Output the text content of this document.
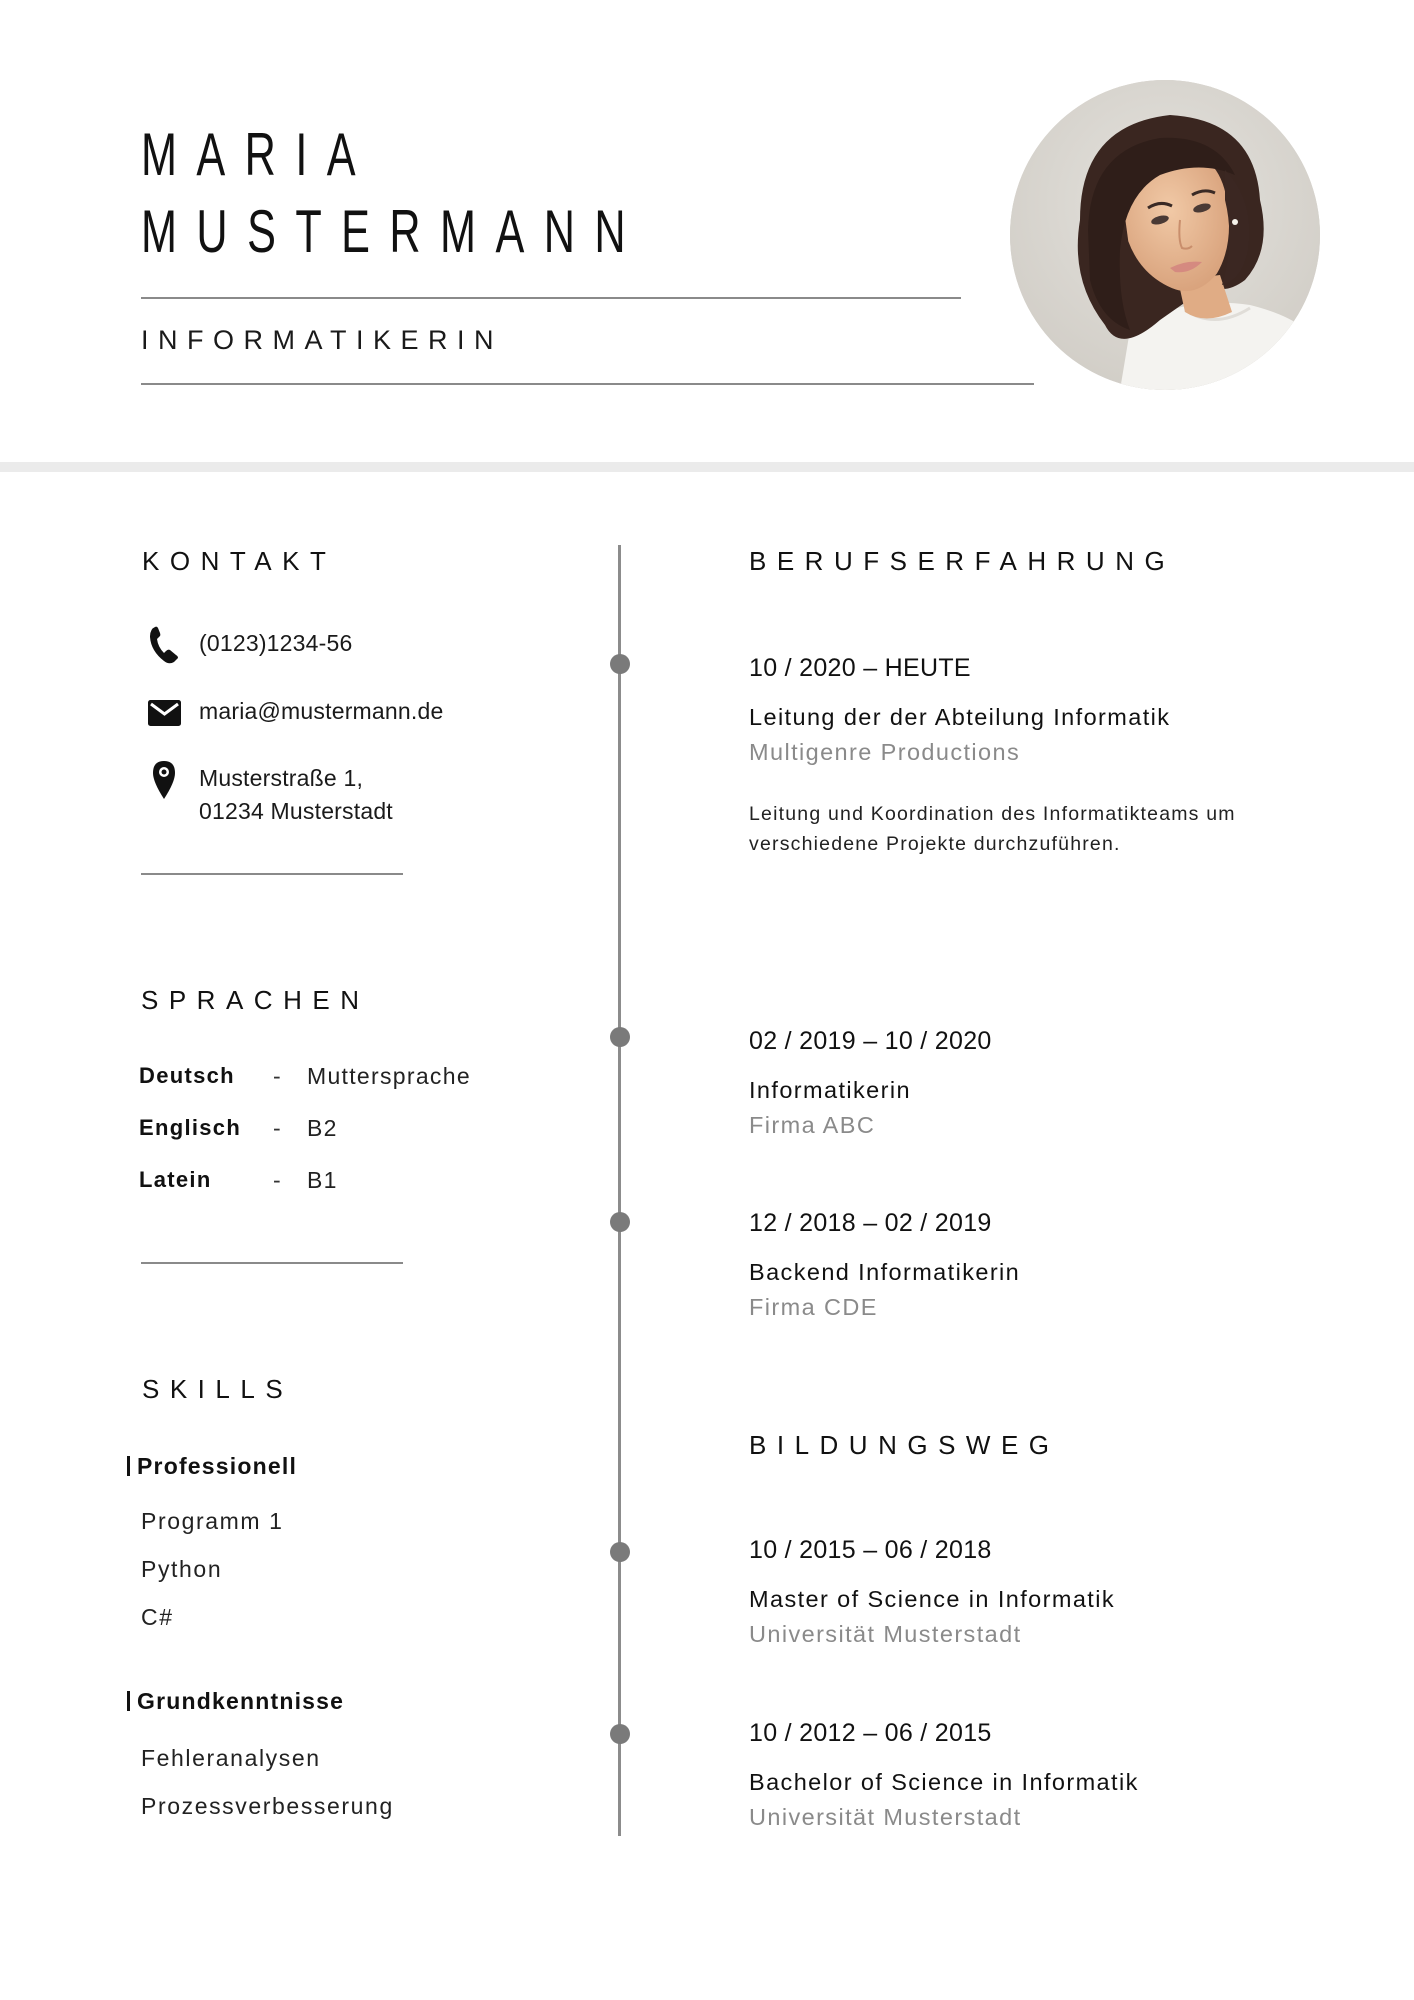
MARIA
MUSTERMANN
INFORMATIKERIN
KONTAKT
(0123)1234-56
maria@mustermann.de
Musterstraße 1,
01234 Musterstadt
SPRACHEN
Deutsch - Muttersprache
Englisch - B2
Latein	- B1
SKILLS
Professionell
Programm 1
Python
C#
Grundkenntnisse
Fehleranalysen
Prozessverbesserung
BERUFSERFAHRUNG
10 / 2020 – HEUTE
Leitung der der Abteilung Informatik
Multigenre Productions
Leitung und Koordination des Informatikteams um verschiedene Projekte durchzuführen.
02 / 2019 – 10 / 2020
Informatikerin
Firma ABC
12 / 2018 – 02 / 2019
Backend Informatikerin
Firma CDE
BILDUNGSWEG
10 / 2015 – 06 / 2018
Master of Science in Informatik
Universität Musterstadt
10 / 2012 – 06 / 2015
Bachelor of Science in Informatik
Universität Musterstadt
